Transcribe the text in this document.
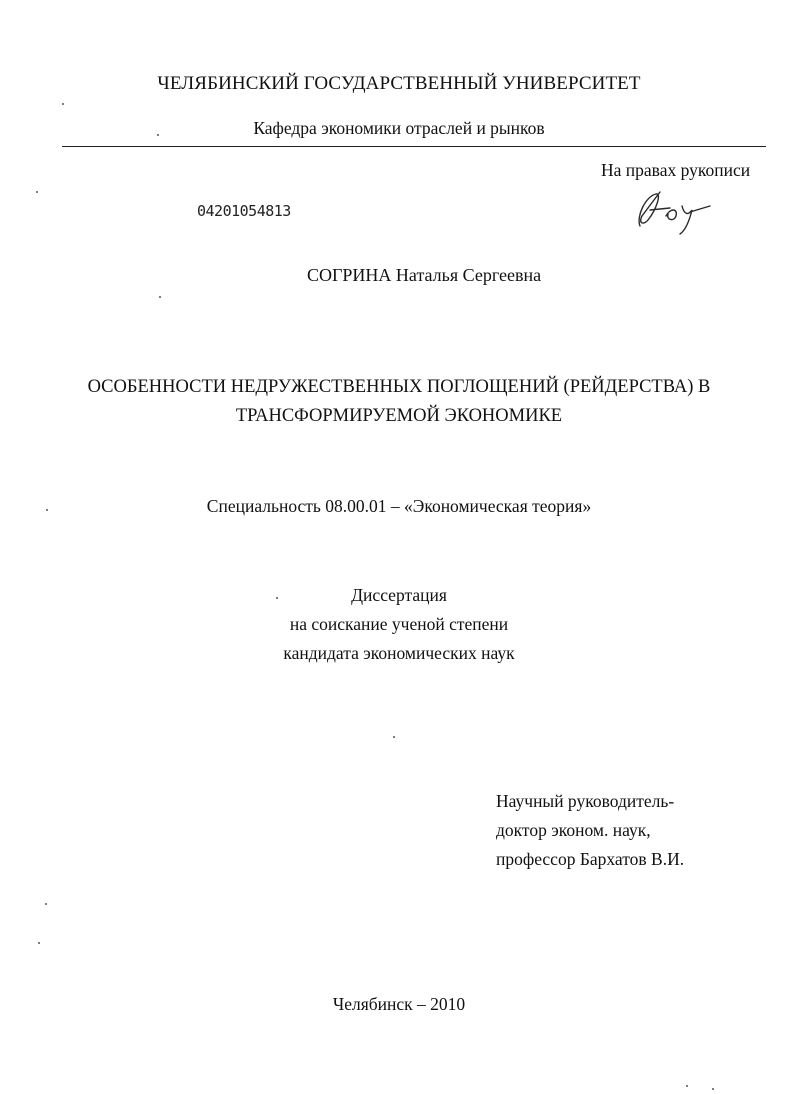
ЧЕЛЯБИНСКИЙ ГОСУДАРСТВЕННЫЙ УНИВЕРСИТЕТ
Кафедра экономики отраслей и рынков
На правах рукописи
04201054813
СОГРИНА Наталья Сергеевна
ОСОБЕННОСТИ НЕДРУЖЕСТВЕННЫХ ПОГЛОЩЕНИЙ (РЕЙДЕРСТВА) В
ТРАНСФОРМИРУЕМОЙ ЭКОНОМИКЕ
Специальность 08.00.01 – «Экономическая теория»
Диссертация
на соискание ученой степени
кандидата экономических наук
Научный руководитель-
доктор эконом. наук,
профессор Бархатов В.И.
Челябинск – 2010
